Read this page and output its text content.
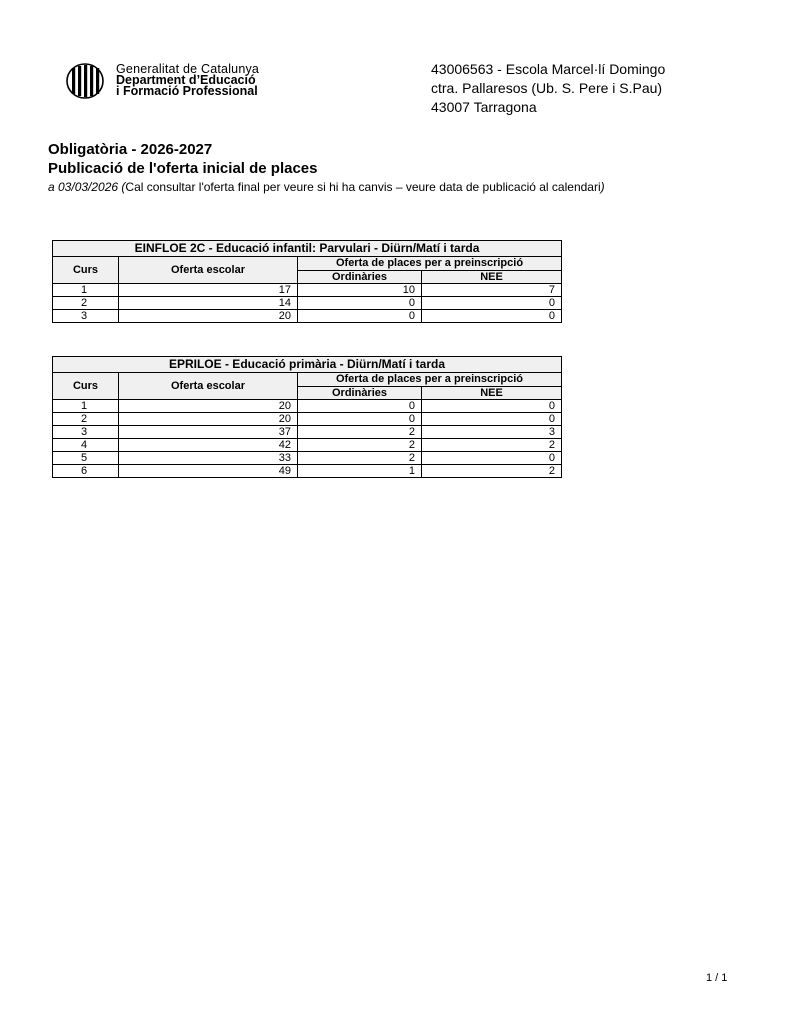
Generalitat de Catalunya
Department d’Educació
i Formació Professional
43006563 - Escola Marcel·lí Domingo
ctra. Pallaresos (Ub. S. Pere i S.Pau)
43007 Tarragona
Obligatòria - 2026-2027
Publicació de l'oferta inicial de places
a 03/03/2026 (Cal consultar l'oferta final per veure si hi ha canvis – veure data de publicació al calendari)
EINFLOE 2C - Educació infantil: Parvulari - Diürn/Matí i tarda			
Curs	Oferta escolar	Oferta de places per a preinscripció	
		Ordinàries	NEE
1	17	10	7
2	14	0	0
3	20	0	0
EPRILOE - Educació primària - Diürn/Matí i tarda			
Curs	Oferta escolar	Oferta de places per a preinscripció	
		Ordinàries	NEE
1	20	0	0
2	20	0	0
3	37	2	3
4	42	2	2
5	33	2	0
6	49	1	2
1 / 1
